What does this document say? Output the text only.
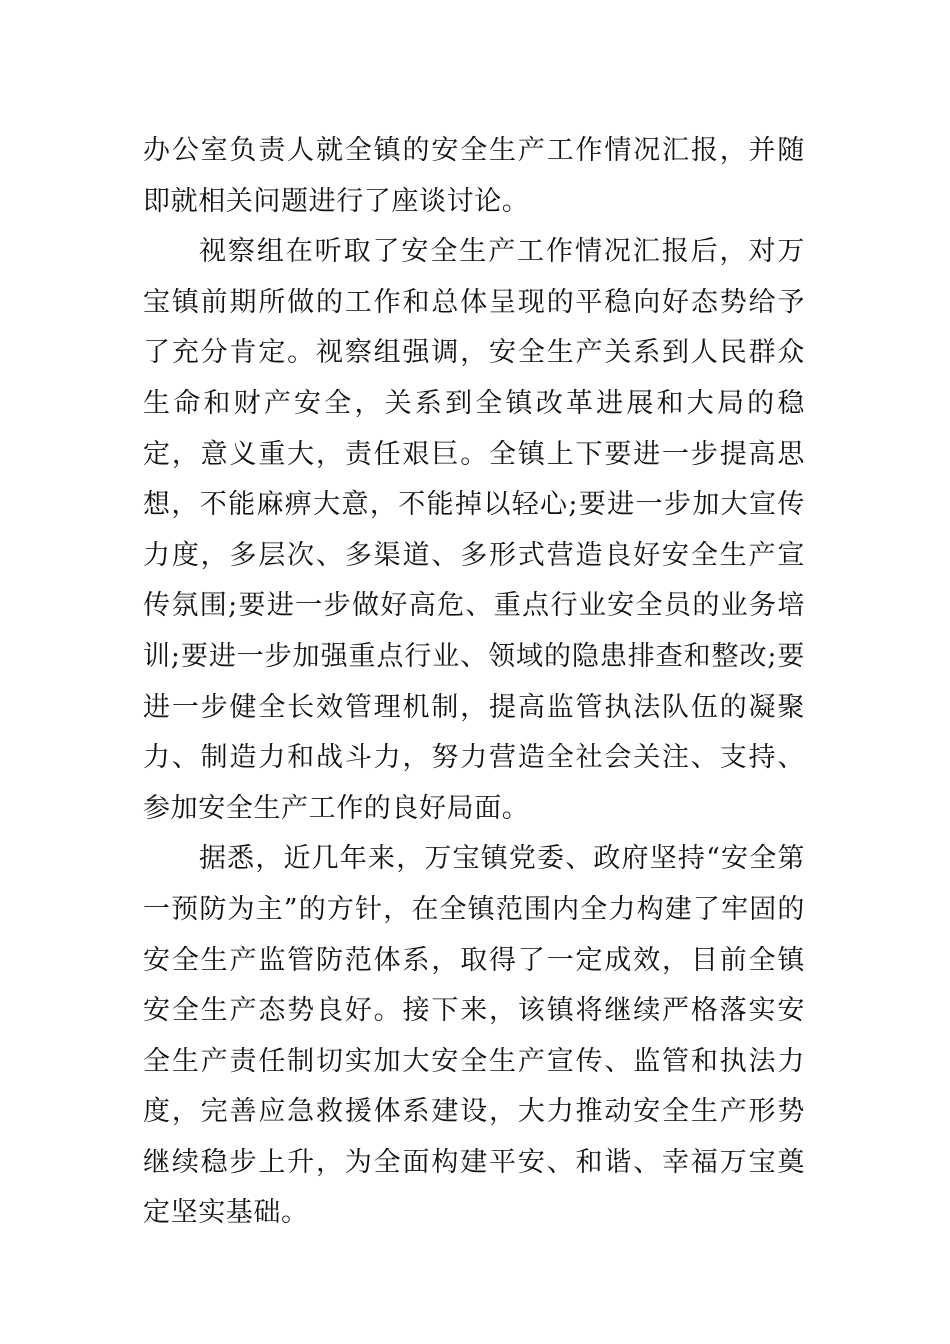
办公室负责人就全镇的安全生产工作情况汇报，并随即就相关问题进行了座谈讨论。

视察组在听取了安全生产工作情况汇报后，对万宝镇前期所做的工作和总体呈现的平稳向好态势给予了充分肯定。视察组强调，安全生产关系到人民群众生命和财产安全，关系到全镇改革进展和大局的稳定，意义重大，责任艰巨。全镇上下要进一步提高思想，不能麻痹大意，不能掉以轻心;要进一步加大宣传力度，多层次、多渠道、多形式营造良好安全生产宣传氛围;要进一步做好高危、重点行业安全员的业务培训;要进一步加强重点行业、领域的隐患排查和整改;要进一步健全长效管理机制，提高监管执法队伍的凝聚力、制造力和战斗力，努力营造全社会关注、支持、参加安全生产工作的良好局面。

据悉，近几年来，万宝镇党委、政府坚持“安全第一预防为主”的方针，在全镇范围内全力构建了牢固的安全生产监管防范体系，取得了一定成效，目前全镇安全生产态势良好。接下来，该镇将继续严格落实安全生产责任制切实加大安全生产宣传、监管和执法力度，完善应急救援体系建设，大力推动安全生产形势继续稳步上升，为全面构建平安、和谐、幸福万宝奠定坚实基础。
